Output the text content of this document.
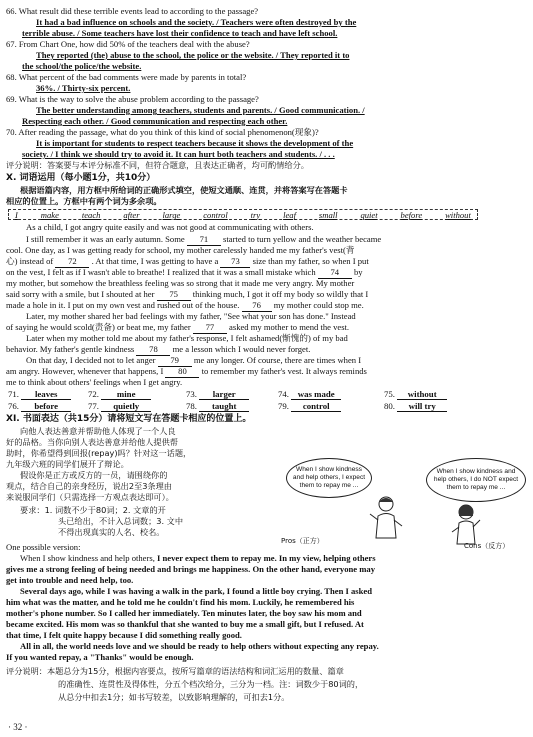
66. What result did these terrible events lead to according to the passage?
It had a bad influence on schools and the society. / Teachers were often destroyed by the
terrible abuse. / Some teachers have lost their confidence to teach and have left school.
67. From Chart One, how did 50% of the teachers deal with the abuse?
They reported (the) abuse to the school, the police or the website. / They reported it to
the school/the police/the website.
68. What percent of the bad comments were made by parents in total?
36%. / Thirty-six percent.
69. What is the way to solve the abuse problem according to the passage?
The better understanding among teachers, students and parents. / Good communication. /
Respecting each other. / Good communication and respecting each other.
70. After reading the passage, what do you think of this kind of social phenomenon(现象)?
It is important for students to respect teachers because it shows the development of the
society. / I think we should try to avoid it. It can hurt both teachers and students. / . . .
评分说明：答案要与本评分标准不同，但符合题意，且表达正确者，均可酌情给分。
X. 词语运用（每小题1分，共10分）
根据语篇内容，用方框中所给词的正确形式填空，使短文通顺、连贯，并将答案写在答题卡
相应的位置上。方框中有两个词为多余项。
I	make	teach	after	large	control	try	leaf	small	quiet	before	without
As a child, I got angry quite easily and was not good at communicating with others.
I still remember it was an early autumn. Some 71 started to turn yellow and the weather became
cool. One day, as I was getting ready for school, my mother carelessly handed me my father's vest(背
心) instead of 72 . At that time, I was getting to have a 73 size than my father, so when I put
on the vest, I felt as if I wasn't able to breathe! I realized that it was a small mistake which 74 by
my mother, but somehow the breathless feeling was so strong that it made me very angry. My mother
said sorry with a smile, but I shouted at her 75 thinking much, I got it off my body so wildly that I
made a hole in it. I put on my own vest and rushed out of the house. 76 my mother could stop me.
Later, my mother shared her bad feelings with my father, "See what your son has done." Instead
of saying he would scold(责备) or beat me, my father 77 asked my mother to mend the vest.
Later when my mother told me about my father's response, I felt ashamed(惭愧的) of my bad
behavior. My father's gentle kindness 78 me a lesson which I would never forget.
On that day, I decided not to let anger 79 me any longer. Of course, there are times when I
am angry. However, whenever that happens, I 80 to remember my father's vest. It always reminds
me to think about others' feelings when I get angry.
71. leaves	72. mine	73. larger	74. was made	75. without
76. before	77. quietly	78. taught	79. control	80. will try
XI. 书面表达（共15分）请将短文写在答题卡相应的位置上。
向他人表达善意并帮助他人体现了一个人良
好的品格。当你向别人表达善意并给他人提供帮
助时，你希望得到回报(repay)吗？针对这一话题，
九年级六班的同学们展开了辩论。
假设你是正方或反方的一员，请围绕你的
观点，结合自己的亲身经历，说出2至3条理由
来说服同学们（只需选择一方观点表达即可）。
要求：1. 词数不少于80词；2. 文章的开
头已给出，不计入总词数；3. 文中
不得出现真实的人名、校名。
When I show kindness and help others, I expect them to repay me ...
When I show kindness and help others, I do NOT expect them to repay me ...
Pros（正方）
Cons（反方）
One possible version:
When I show kindness and help others, I never expect them to repay me. In my view, helping others
gives me a strong feeling of being needed and brings me happiness. On the other hand, everyone may
get into trouble and need help, too.
Several days ago, while I was having a walk in the park, I found a little boy crying. Then I asked
him what was the matter, and he told me he couldn't find his mom. Luckily, he remembered his
mother's phone number. So I called her immediately. Ten minutes later, the boy saw his mom and
became excited. His mom was so thankful that she wanted to buy me a small gift, but I refused. At
that time, I felt quite happy because I did something really good.
All in all, the world needs love and we should be ready to help others without expecting any repay.
If you wanted repay, a "Thanks" would be enough.
评分说明：本题总分为15分，根据内容要点，按所写篇章的语法结构和词汇运用的数量、篇章
的准确性、连贯性及得体性，分五个档次给分，三分为一档。注：词数少于80词的，
从总分中扣去1分；如书写较差，以致影响理解的，可扣去1分。
· 32 ·
